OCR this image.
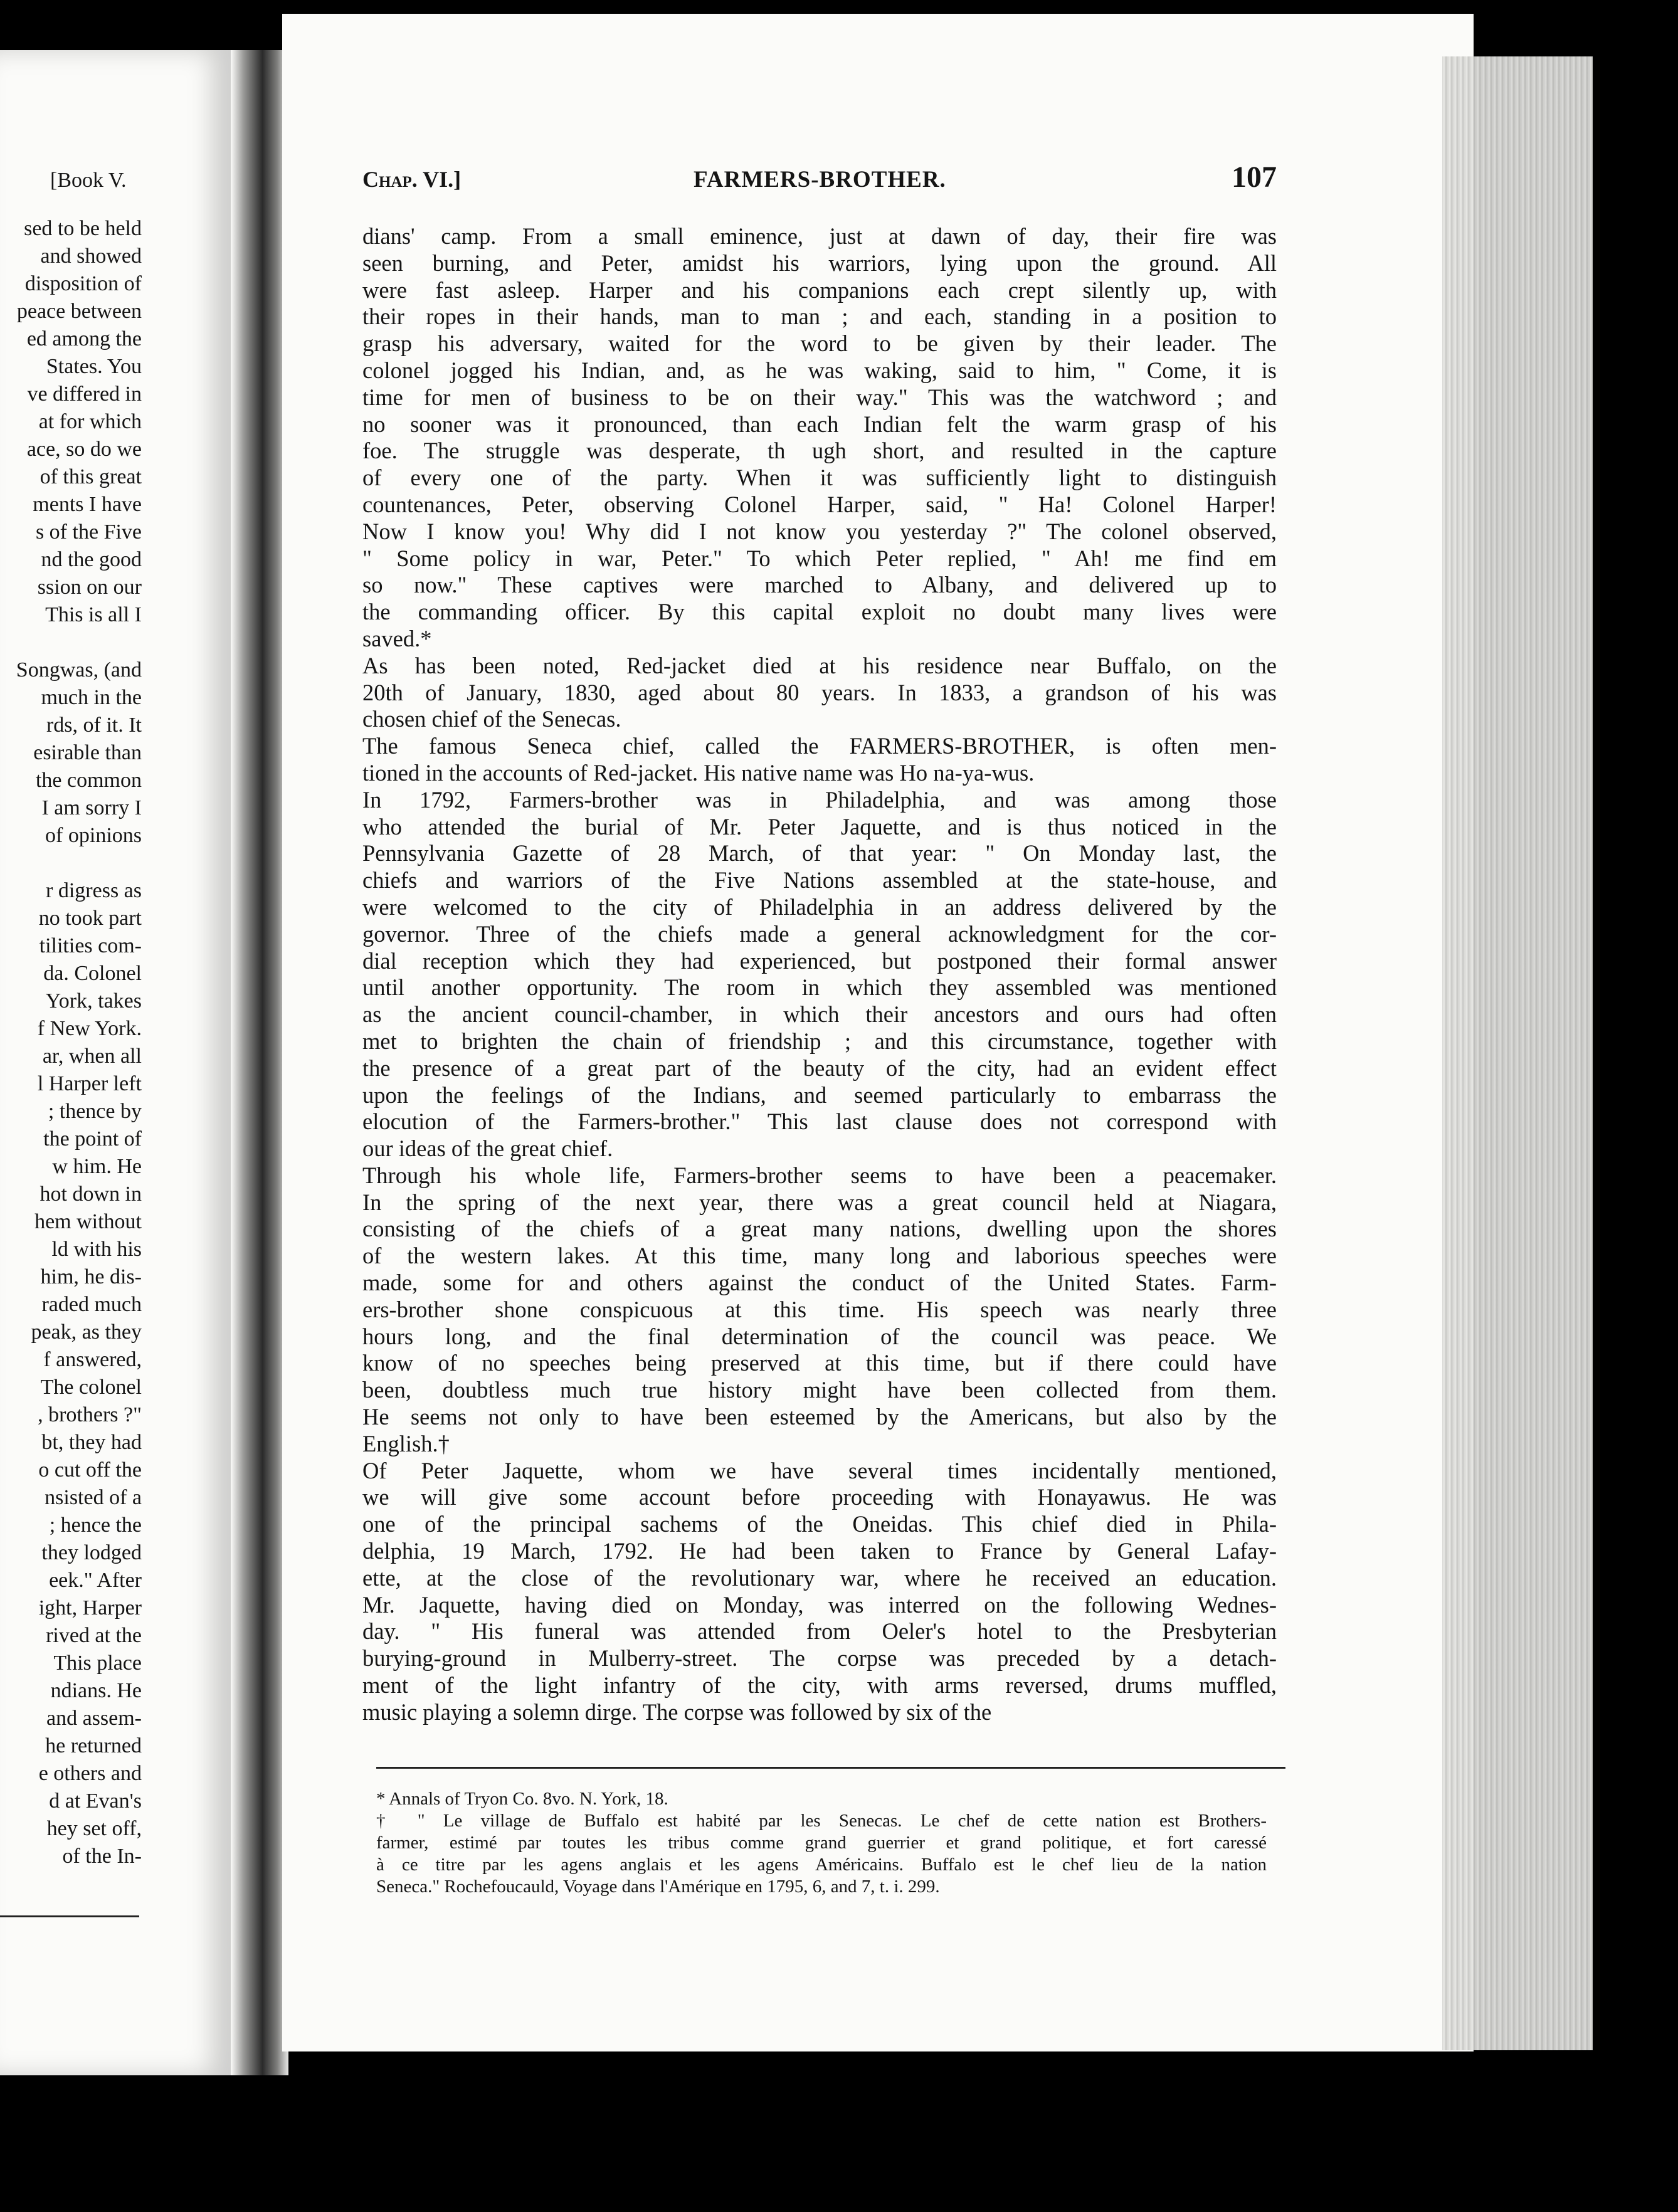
[Book V.
sed to be held
and showed
disposition of
peace between
ed among the
States. You
ve differed in
at for which
ace, so do we
of this great
ments I have
s of the Five
nd the good
ssion on our
This is all I
Songwas, (and
much in the
rds, of it. It
esirable than
the common
I am sorry I
of opinions
r digress as
no took part
tilities com-
da. Colonel
York, takes
f New York.
ar, when all
l Harper left
; thence by
the point of
w him. He
hot down in
hem without
ld with his
him, he dis-
raded much
peak, as they
f answered,
The colonel
, brothers ?"
bt, they had
o cut off the
nsisted of a
; hence the
they lodged
eek." After
ight, Harper
rived at the
This place
ndians. He
and assem-
he returned
e others and
d at Evan's
hey set off,
of the In-
Chap. VI.]	FARMERS-BROTHER.	107
dians' camp. From a small eminence, just at dawn of day, their fire was
seen burning, and Peter, amidst his warriors, lying upon the ground. All
were fast asleep. Harper and his companions each crept silently up, with
their ropes in their hands, man to man ; and each, standing in a position to
grasp his adversary, waited for the word to be given by their leader. The
colonel jogged his Indian, and, as he was waking, said to him, " Come, it is
time for men of business to be on their way." This was the watchword ; and
no sooner was it pronounced, than each Indian felt the warm grasp of his
foe. The struggle was desperate, th ugh short, and resulted in the capture
of every one of the party. When it was sufficiently light to distinguish
countenances, Peter, observing Colonel Harper, said, " Ha! Colonel Harper!
Now I know you! Why did I not know you yesterday ?" The colonel observed,
" Some policy in war, Peter." To which Peter replied, " Ah! me find em
so now." These captives were marched to Albany, and delivered up to
the commanding officer. By this capital exploit no doubt many lives were
saved.*
As has been noted, Red-jacket died at his residence near Buffalo, on the
20th of January, 1830, aged about 80 years. In 1833, a grandson of his was
chosen chief of the Senecas.
The famous Seneca chief, called the FARMERS-BROTHER, is often men-
tioned in the accounts of Red-jacket. His native name was Ho na-ya-wus.
In 1792, Farmers-brother was in Philadelphia, and was among those
who attended the burial of Mr. Peter Jaquette, and is thus noticed in the
Pennsylvania Gazette of 28 March, of that year: " On Monday last, the
chiefs and warriors of the Five Nations assembled at the state-house, and
were welcomed to the city of Philadelphia in an address delivered by the
governor. Three of the chiefs made a general acknowledgment for the cor-
dial reception which they had experienced, but postponed their formal answer
until another opportunity. The room in which they assembled was mentioned
as the ancient council-chamber, in which their ancestors and ours had often
met to brighten the chain of friendship ; and this circumstance, together with
the presence of a great part of the beauty of the city, had an evident effect
upon the feelings of the Indians, and seemed particularly to embarrass the
elocution of the Farmers-brother." This last clause does not correspond with
our ideas of the great chief.
Through his whole life, Farmers-brother seems to have been a peacemaker.
In the spring of the next year, there was a great council held at Niagara,
consisting of the chiefs of a great many nations, dwelling upon the shores
of the western lakes. At this time, many long and laborious speeches were
made, some for and others against the conduct of the United States. Farm-
ers-brother shone conspicuous at this time. His speech was nearly three
hours long, and the final determination of the council was peace. We
know of no speeches being preserved at this time, but if there could have
been, doubtless much true history might have been collected from them.
He seems not only to have been esteemed by the Americans, but also by the
English.†
Of Peter Jaquette, whom we have several times incidentally mentioned,
we will give some account before proceeding with Honayawus. He was
one of the principal sachems of the Oneidas. This chief died in Phila-
delphia, 19 March, 1792. He had been taken to France by General Lafay-
ette, at the close of the revolutionary war, where he received an education.
Mr. Jaquette, having died on Monday, was interred on the following Wednes-
day. " His funeral was attended from Oeler's hotel to the Presbyterian
burying-ground in Mulberry-street. The corpse was preceded by a detach-
ment of the light infantry of the city, with arms reversed, drums muffled,
music playing a solemn dirge. The corpse was followed by six of the
* Annals of Tryon Co. 8vo. N. York, 18.
† " Le village de Buffalo est habité par les Senecas. Le chef de cette nation est Brothers-
farmer, estimé par toutes les tribus comme grand guerrier et grand politique, et fort caressé
à ce titre par les agens anglais et les agens Américains. Buffalo est le chef lieu de la nation
Seneca." Rochefoucauld, Voyage dans l'Amérique en 1795, 6, and 7, t. i. 299.
